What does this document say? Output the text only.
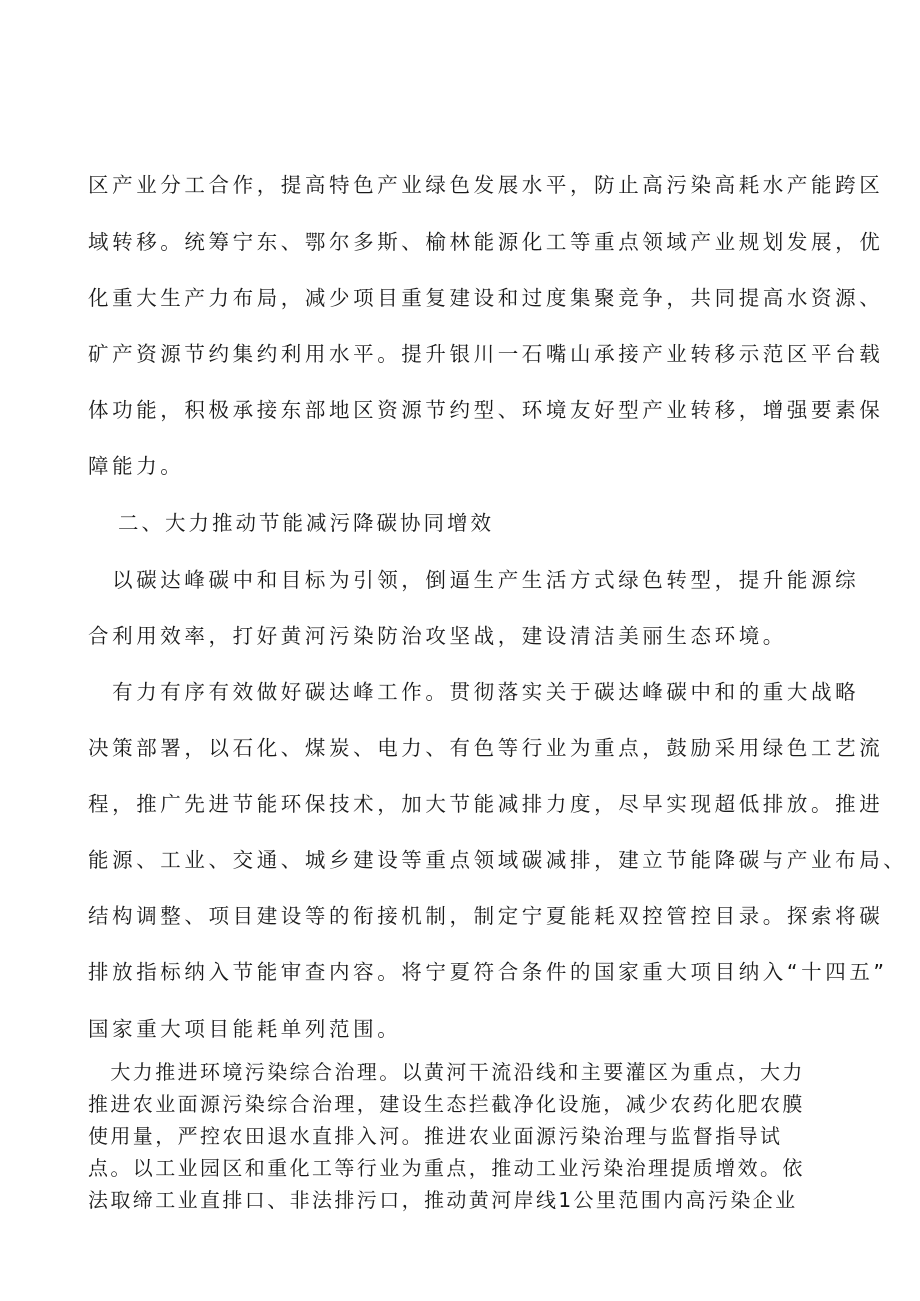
区产业分工合作，提高特色产业绿色发展水平，防止高污染高耗水产能跨区
域转移。统筹宁东、鄂尔多斯、榆林能源化工等重点领域产业规划发展，优
化重大生产力布局，减少项目重复建设和过度集聚竞争，共同提高水资源、
矿产资源节约集约利用水平。提升银川一石嘴山承接产业转移示范区平台载
体功能，积极承接东部地区资源节约型、环境友好型产业转移，增强要素保
障能力。
二、大力推动节能减污降碳协同增效
　以碳达峰碳中和目标为引领，倒逼生产生活方式绿色转型，提升能源综
合利用效率，打好黄河污染防治攻坚战，建设清洁美丽生态环境。
　有力有序有效做好碳达峰工作。贯彻落实关于碳达峰碳中和的重大战略
决策部署，以石化、煤炭、电力、有色等行业为重点，鼓励采用绿色工艺流
程，推广先进节能环保技术，加大节能减排力度，尽早实现超低排放。推进
能源、工业、交通、城乡建设等重点领域碳减排，建立节能降碳与产业布局、
结构调整、项目建设等的衔接机制，制定宁夏能耗双控管控目录。探索将碳
排放指标纳入节能审查内容。将宁夏符合条件的国家重大项目纳入“十四五”
国家重大项目能耗单列范围。
　大力推进环境污染综合治理。以黄河干流沿线和主要灌区为重点，大力
推进农业面源污染综合治理，建设生态拦截净化设施，减少农药化肥农膜
使用量，严控农田退水直排入河。推进农业面源污染治理与监督指导试
点。以工业园区和重化工等行业为重点，推动工业污染治理提质增效。依
法取缔工业直排口、非法排污口，推动黄河岸线1公里范围内高污染企业
